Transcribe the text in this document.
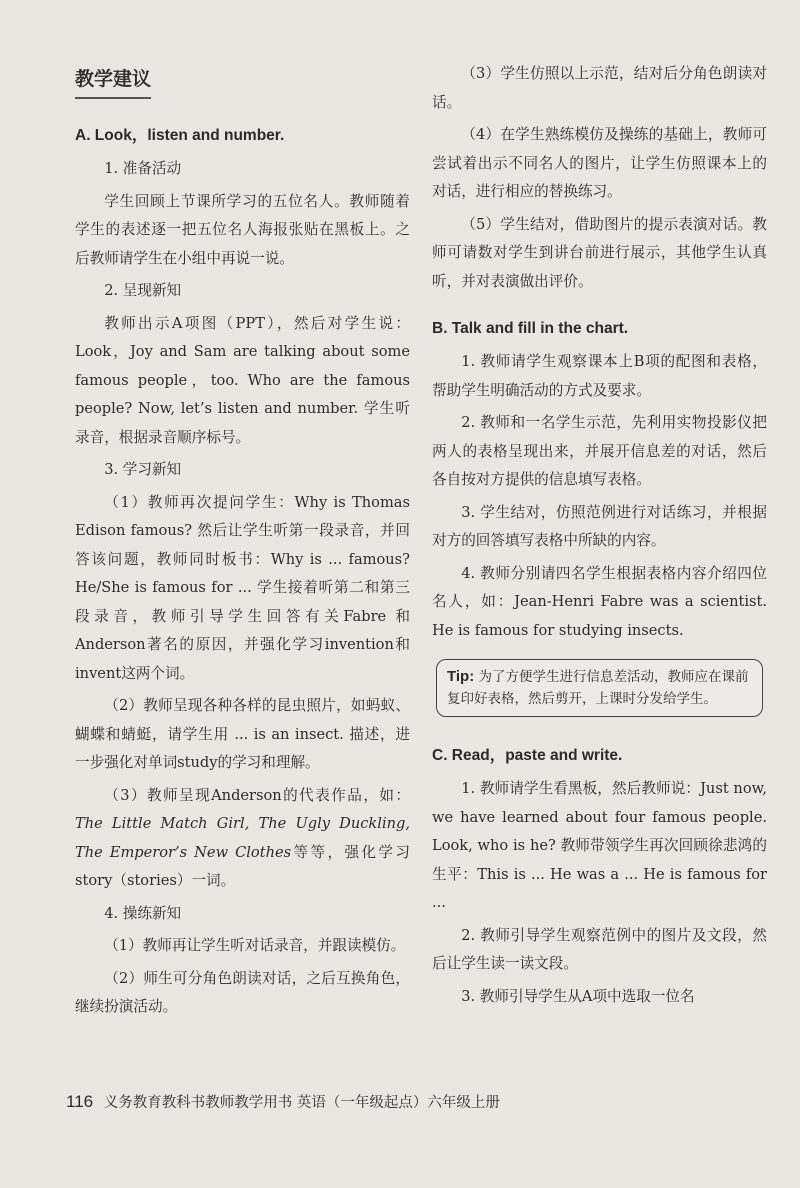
教学建议
A. Look，listen and number.

1. 准备活动

学生回顾上节课所学习的五位名人。教师随着学生的表述逐一把五位名人海报张贴在黑板上。之后教师请学生在小组中再说一说。

2. 呈现新知

教师出示A项图（PPT），然后对学生说：Look，Joy and Sam are talking about some famous people，too. Who are the famous people? Now, let’s listen and number. 学生听录音，根据录音顺序标号。

3. 学习新知

（1）教师再次提问学生：Why is Thomas Edison famous? 然后让学生听第一段录音，并回答该问题，教师同时板书：Why is ... famous? He/She is famous for ... 学生接着听第二和第三段录音，教师引导学生回答有关Fabre 和Anderson著名的原因，并强化学习invention和invent这两个词。

（2）教师呈现各种各样的昆虫照片，如蚂蚁、蝴蝶和蜻蜓，请学生用 ... is an insect. 描述，进一步强化对单词study的学习和理解。

（3）教师呈现Anderson的代表作品，如：The Little Match Girl, The Ugly Duckling, The Emperor’s New Clothes等等，强化学习story（stories）一词。

4. 操练新知

（1）教师再让学生听对话录音，并跟读模仿。

（2）师生可分角色朗读对话，之后互换角色，继续扮演活动。

（3）学生仿照以上示范，结对后分角色朗读对话。

（4）在学生熟练模仿及操练的基础上，教师可尝试着出示不同名人的图片，让学生仿照课本上的对话，进行相应的替换练习。

（5）学生结对，借助图片的提示表演对话。教师可请数对学生到讲台前进行展示，其他学生认真听，并对表演做出评价。

B. Talk and fill in the chart.

1. 教师请学生观察课本上B项的配图和表格，帮助学生明确活动的方式及要求。

2. 教师和一名学生示范，先利用实物投影仪把两人的表格呈现出来，并展开信息差的对话，然后各自按对方提供的信息填写表格。

3. 学生结对，仿照范例进行对话练习，并根据对方的回答填写表格中所缺的内容。

4. 教师分别请四名学生根据表格内容介绍四位名人，如：Jean-Henri Fabre was a scientist. He is famous for studying insects.

Tip: 为了方便学生进行信息差活动，教师应在课前复印好表格，然后剪开，上课时分发给学生。
C. Read，paste and write.

1. 教师请学生看黑板，然后教师说：Just now, we have learned about four famous people. Look, who is he? 教师带领学生再次回顾徐悲鸿的生平：This is ... He was a ... He is famous for ...

2. 教师引导学生观察范例中的图片及文段，然后让学生读一读文段。

3. 教师引导学生从A项中选取一位名

116 义务教育教科书教师教学用书 英语（一年级起点）六年级上册
